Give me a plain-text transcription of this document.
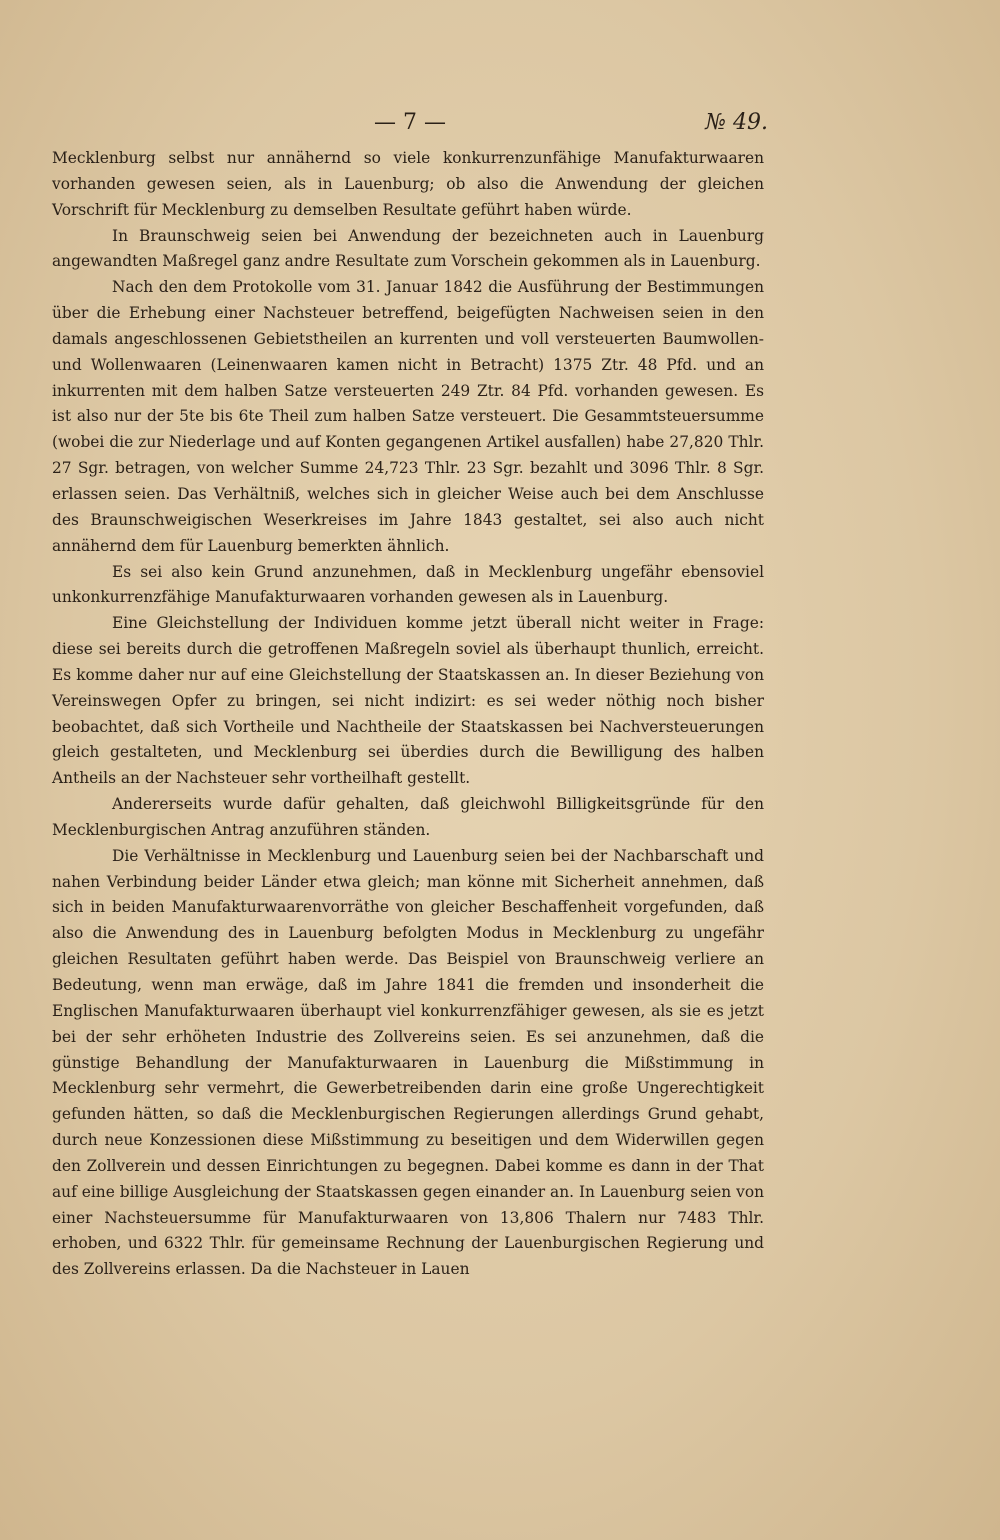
— 7 —	№ 49.

Mecklenburg selbst nur annähernd so viele konkurrenzunfähige Manufakturwaaren vorhanden gewesen seien, als in Lauenburg; ob also die Anwendung der gleichen Vorschrift für Mecklenburg zu demselben Resultate geführt haben würde.

In Braunschweig seien bei Anwendung der bezeichneten auch in Lauenburg angewandten Maßregel ganz andre Resultate zum Vorschein gekommen als in Lauenburg.

Nach den dem Protokolle vom 31. Januar 1842 die Ausführung der Bestimmungen über die Erhebung einer Nachsteuer betreffend, beigefügten Nachweisen seien in den damals angeschlossenen Gebietstheilen an kurrenten und voll versteuerten Baumwollen- und Wollenwaaren (Leinenwaaren kamen nicht in Betracht) 1375 Ztr. 48 Pfd. und an inkurrenten mit dem halben Satze versteuerten 249 Ztr. 84 Pfd. vorhanden gewesen. Es ist also nur der 5te bis 6te Theil zum halben Satze versteuert. Die Gesammtsteuersumme (wobei die zur Niederlage und auf Konten gegangenen Artikel ausfallen) habe 27,820 Thlr. 27 Sgr. betragen, von welcher Summe 24,723 Thlr. 23 Sgr. bezahlt und 3096 Thlr. 8 Sgr. erlassen seien. Das Verhältniß, welches sich in gleicher Weise auch bei dem Anschlusse des Braunschweigischen Weserkreises im Jahre 1843 gestaltet, sei also auch nicht annähernd dem für Lauenburg bemerkten ähnlich.

Es sei also kein Grund anzunehmen, daß in Mecklenburg ungefähr ebensoviel unkonkurrenzfähige Manufakturwaaren vorhanden gewesen als in Lauenburg.

Eine Gleichstellung der Individuen komme jetzt überall nicht weiter in Frage: diese sei bereits durch die getroffenen Maßregeln soviel als überhaupt thunlich, erreicht. Es komme daher nur auf eine Gleichstellung der Staatskassen an. In dieser Beziehung von Vereinswegen Opfer zu bringen, sei nicht indizirt: es sei weder nöthig noch bisher beobachtet, daß sich Vortheile und Nachtheile der Staatskassen bei Nachversteuerungen gleich gestalteten, und Mecklenburg sei überdies durch die Bewilligung des halben Antheils an der Nachsteuer sehr vortheilhaft gestellt.

Andererseits wurde dafür gehalten, daß gleichwohl Billigkeitsgründe für den Mecklenburgischen Antrag anzuführen ständen.

Die Verhältnisse in Mecklenburg und Lauenburg seien bei der Nachbarschaft und nahen Verbindung beider Länder etwa gleich; man könne mit Sicherheit annehmen, daß sich in beiden Manufakturwaarenvorräthe von gleicher Beschaffenheit vorgefunden, daß also die Anwendung des in Lauenburg befolgten Modus in Mecklenburg zu ungefähr gleichen Resultaten geführt haben werde. Das Beispiel von Braunschweig verliere an Bedeutung, wenn man erwäge, daß im Jahre 1841 die fremden und insonderheit die Englischen Manufakturwaaren überhaupt viel konkurrenzfähiger gewesen, als sie es jetzt bei der sehr erhöheten Industrie des Zollvereins seien. Es sei anzunehmen, daß die günstige Behandlung der Manufakturwaaren in Lauenburg die Mißstimmung in Mecklenburg sehr vermehrt, die Gewerbetreibenden darin eine große Ungerechtigkeit gefunden hätten, so daß die Mecklenburgischen Regierungen allerdings Grund gehabt, durch neue Konzessionen diese Mißstimmung zu beseitigen und dem Widerwillen gegen den Zollverein und dessen Einrichtungen zu begegnen. Dabei komme es dann in der That auf eine billige Ausgleichung der Staatskassen gegen einander an. In Lauenburg seien von einer Nachsteuersumme für Manufakturwaaren von 13,806 Thalern nur 7483 Thlr. erhoben, und 6322 Thlr. für gemeinsame Rechnung der Lauenburgischen Regierung und des Zollvereins erlassen. Da die Nachsteuer in Lauen
